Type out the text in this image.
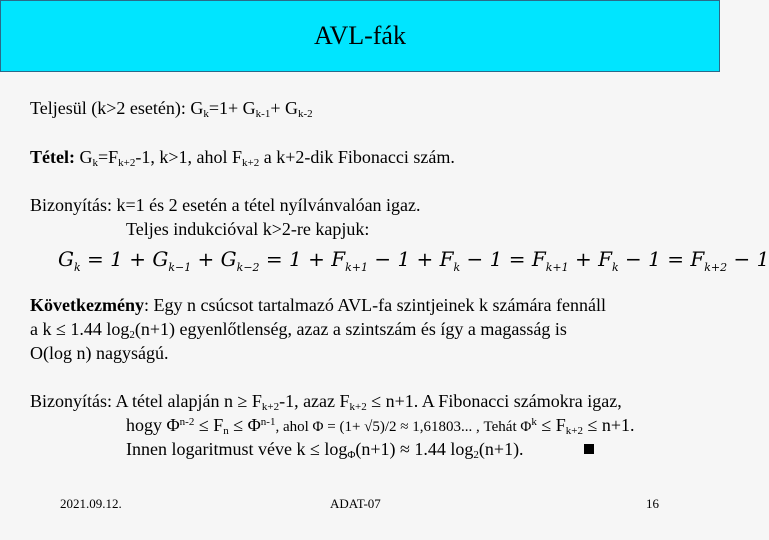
AVL-fák
Teljesül (k>2 esetén): $G_k=1+ G_{k-1}+ G_{k-2}$
Tétel: $G_k=F_{k+2}-1$, k>1, ahol $F_{k+2}$ a k+2-dik Fibonacci szám.
Bizonyítás: k=1 és 2 esetén a tétel nyílvánvalóan igaz.
Teljes indukcióval k>2-re kapjuk:
$G_k = 1 + G_{k-1} + G_{k-2} = 1 + F_{k+1} - 1 + F_k - 1 = F_{k+1} + F_k - 1 = F_{k+2} - 1$
Következmény: Egy n csúcsot tartalmazó AVL-fa szintjeinek k számára fennáll
a k ≤ 1.44 $\log_2(n+1)$ egyenlőtlenség, azaz a szintszám és így a magasság is
O(log n) nagyságú.
Bizonyítás: A tétel alapján $n \ge F_{k+2}-1$, azaz $F_{k+2} \le n+1$. A Fibonacci számokra igaz,
hogy $\Phi^{n-2} \le F_n \le \Phi^{n-1}$, ahol Φ = (1+ √5)/2 ≈ 1,61803... , Tehát $\Phi^k \le F_{k+2} \le n+1$.
Innen logaritmust véve $k \le \log_\Phi(n+1) \approx 1.44$ $\log_2(n+1)$.
2021.09.12.	ADAT-07	16
